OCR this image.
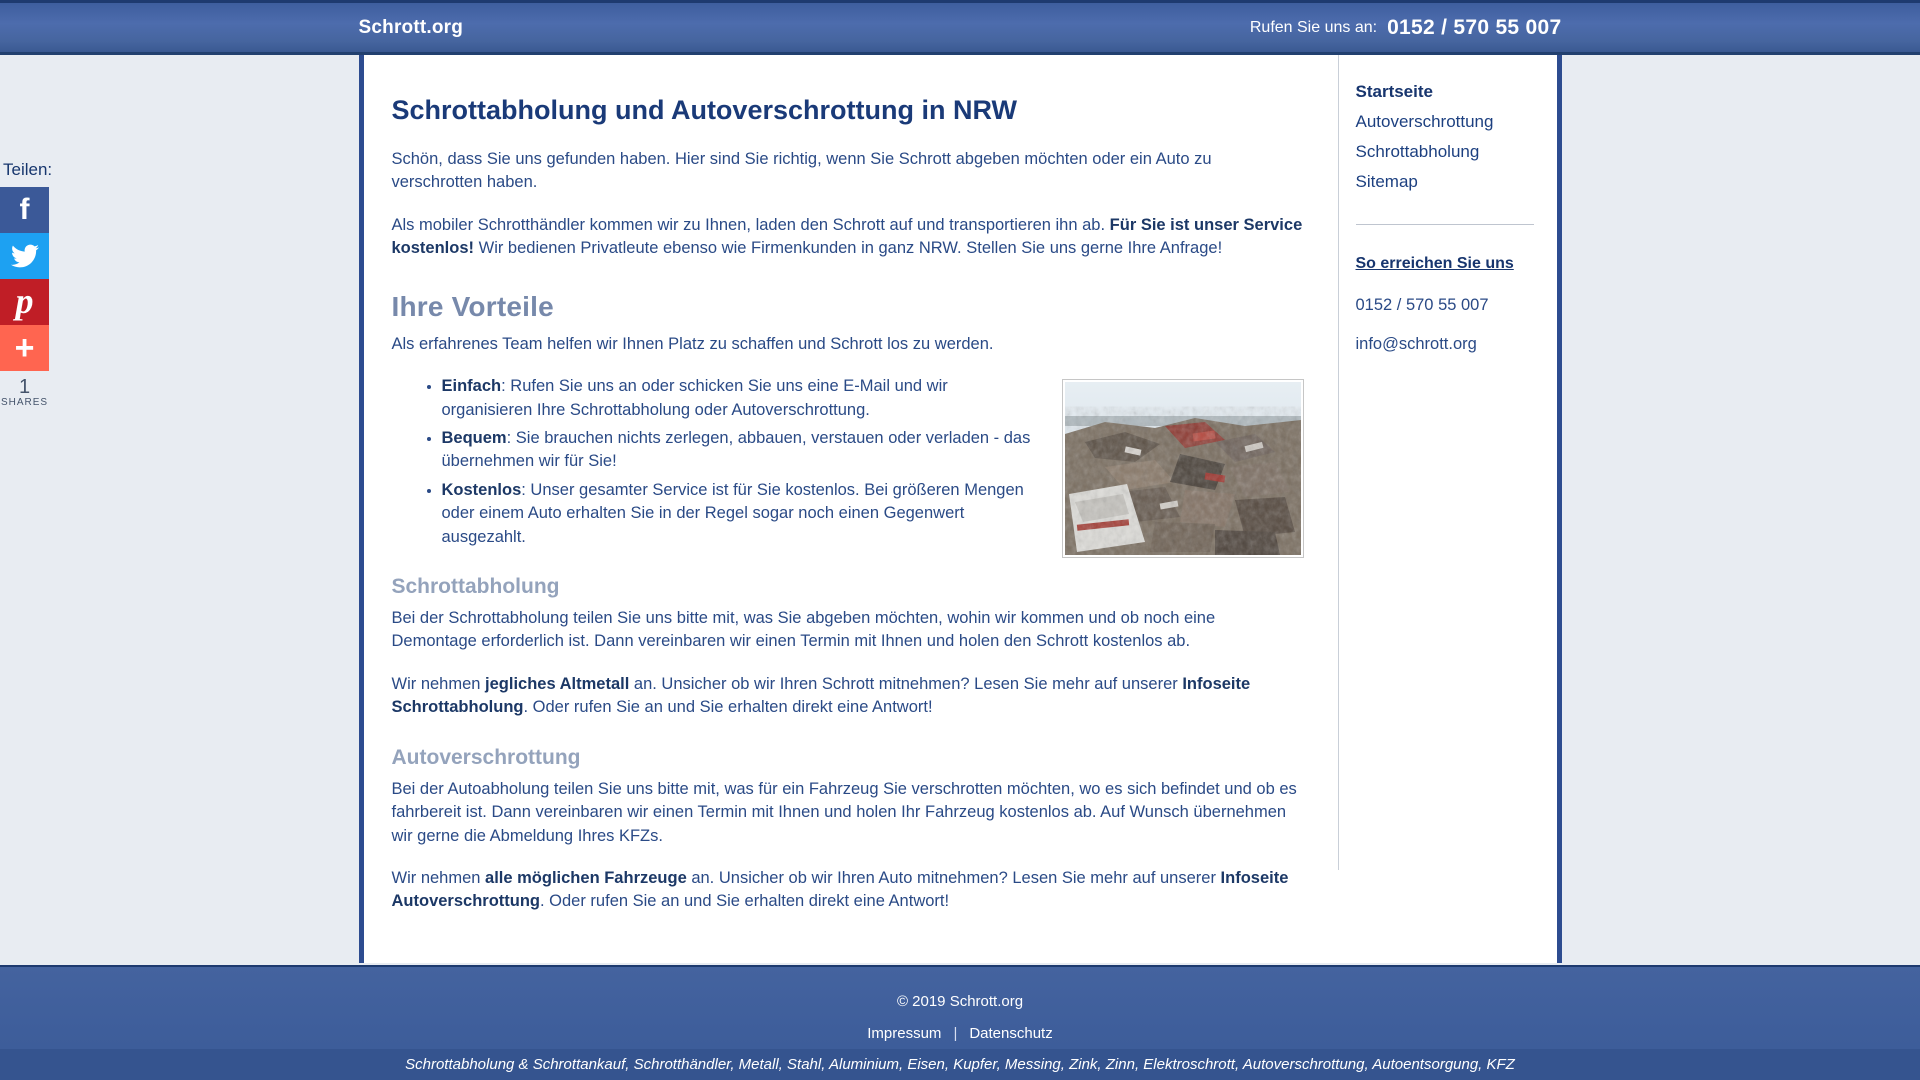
Schrott.org	Rufen Sie uns an: 0152 / 570 55 007
Teilen:
f
p
+
1
SHARES
Schrottabholung und Autoverschrottung in NRW

Schön, dass Sie uns gefunden haben. Hier sind Sie richtig, wenn Sie Schrott abgeben möchten oder ein Auto zu verschrotten haben.

Als mobiler Schrotthändler kommen wir zu Ihnen, laden den Schrott auf und transportieren ihn ab. Für Sie ist unser Service kostenlos! Wir bedienen Privatleute ebenso wie Firmenkunden in ganz NRW. Stellen Sie uns gerne Ihre Anfrage!

Ihre Vorteile

Als erfahrenes Team helfen wir Ihnen Platz zu schaffen und Schrott los zu werden.

• Einfach: Rufen Sie uns an oder schicken Sie uns eine E-Mail und wir organisieren Ihre Schrottabholung oder Autoverschrottung.
• Bequem: Sie brauchen nichts zerlegen, abbauen, verstauen oder verladen - das übernehmen wir für Sie!
• Kostenlos: Unser gesamter Service ist für Sie kostenlos. Bei größeren Mengen oder einem Auto erhalten Sie in der Regel sogar noch einen Gegenwert ausgezahlt.
Schrottabholung

Bei der Schrottabholung teilen Sie uns bitte mit, was Sie abgeben möchten, wohin wir kommen und ob noch eine Demontage erforderlich ist. Dann vereinbaren wir einen Termin mit Ihnen und holen den Schrott kostenlos ab.

Wir nehmen jegliches Altmetall an. Unsicher ob wir Ihren Schrott mitnehmen? Lesen Sie mehr auf unserer Infoseite Schrottabholung. Oder rufen Sie an und Sie erhalten direkt eine Antwort!

Autoverschrottung

Bei der Autoabholung teilen Sie uns bitte mit, was für ein Fahrzeug Sie verschrotten möchten, wo es sich befindet und ob es fahrbereit ist. Dann vereinbaren wir einen Termin mit Ihnen und holen Ihr Fahrzeug kostenlos ab. Auf Wunsch übernehmen wir gerne die Abmeldung Ihres KFZs.

Wir nehmen alle möglichen Fahrzeuge an. Unsicher ob wir Ihren Auto mitnehmen? Lesen Sie mehr auf unserer Infoseite Autoverschrottung. Oder rufen Sie an und Sie erhalten direkt eine Antwort!

Startseite
Autoverschrottung
Schrottabholung
Sitemap
So erreichen Sie uns
0152 / 570 55 007
info@schrott.org
© 2019 Schrott.org
Impressum | Datenschutz
Schrottabholung & Schrottankauf, Schrotthändler, Metall, Stahl, Aluminium, Eisen, Kupfer, Messing, Zink, Zinn, Elektroschrott, Autoverschrottung, Autoentsorgung, KFZ
